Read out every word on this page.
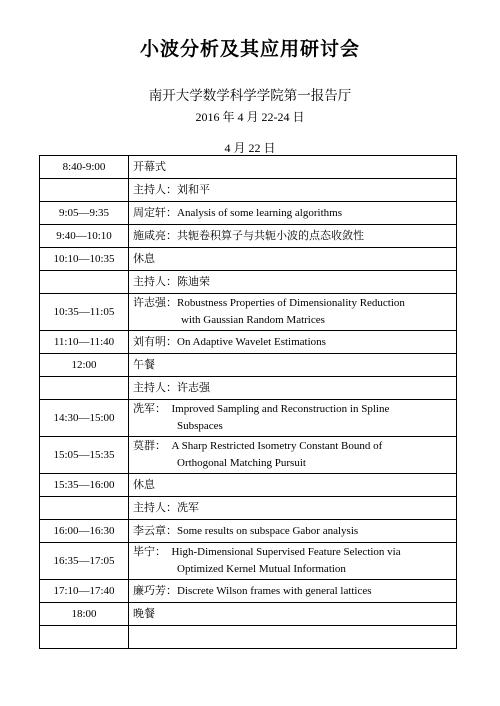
小波分析及其应用研讨会
南开大学数学科学学院第一报告厅
2016 年 4 月 22-24 日
4 月 22 日
8:40-9:00	开幕式
	主持人：刘和平
9:05—9:35	周定轩：Analysis of some learning algorithms
9:40—10:10	施咸亮：共轭卷积算子与共轭小波的点态收敛性
10:10—10:35	休息
	主持人：陈迪荣
10:35—11:05	许志强：Robustness Properties of Dimensionality Reduction
with Gaussian Random Matrices

11:10—11:40	刘有明：On Adaptive Wavelet Estimations
12:00	午餐
	主持人：许志强
14:30—15:00	冼军：  Improved Sampling and Reconstruction in Spline
Subspaces

15:05—15:35	莫群：  A Sharp Restricted Isometry Constant Bound of
Orthogonal Matching Pursuit

15:35—16:00	休息
	主持人：冼军
16:00—16:30	李云章：Some results on subspace Gabor analysis
16:35—17:05	毕宁：  High-Dimensional Supervised Feature Selection via
Optimized Kernel Mutual Information

17:10—17:40	廉巧芳：Discrete Wilson frames with general lattices
18:00	晚餐
